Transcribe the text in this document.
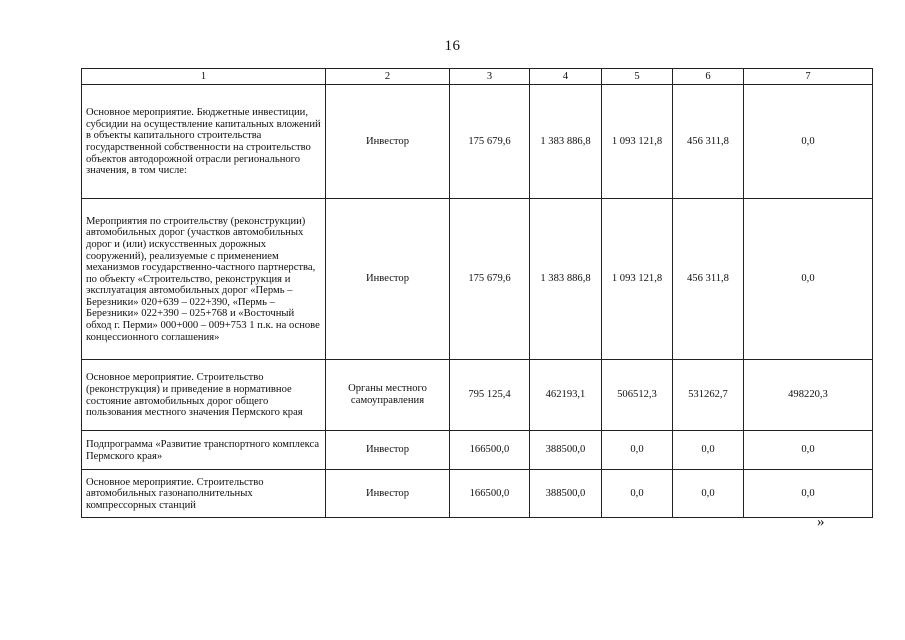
16
1	2	3	4	5	6	7
Основное мероприятие. Бюджетные инвестиции, субсидии на осуществление капитальных вложений в объекты капитального строительства государственной собственности на строительство объектов автодорожной отрасли регионального значения, в том числе:	Инвестор	175 679,6	1 383 886,8	1 093 121,8	456 311,8	0,0
Мероприятия по строительству (реконструкции) автомобильных дорог (участков автомобильных дорог и (или) искусственных дорожных сооружений), реализуемые с применением механизмов государственно-частного партнерства, по объекту «Строительство, реконструкция и эксплуатация автомобильных дорог «Пермь – Березники» 020+639 – 022+390, «Пермь – Березники» 022+390 – 025+768 и «Восточный обход г. Перми» 000+000 – 009+753 1 п.к. на основе концессионного соглашения»	Инвестор	175 679,6	1 383 886,8	1 093 121,8	456 311,8	0,0
Основное мероприятие. Строительство (реконструкция) и приведение в нормативное состояние автомобильных дорог общего пользования местного значения Пермского края	Органы местного самоуправления	795 125,4	462193,1	506512,3	531262,7	498220,3
Подпрограмма «Развитие транспортного комплекса Пермского края»	Инвестор	166500,0	388500,0	0,0	0,0	0,0
Основное мероприятие. Строительство автомобильных газонаполнительных компрессорных станций	Инвестор	166500,0	388500,0	0,0	0,0	0,0
»
